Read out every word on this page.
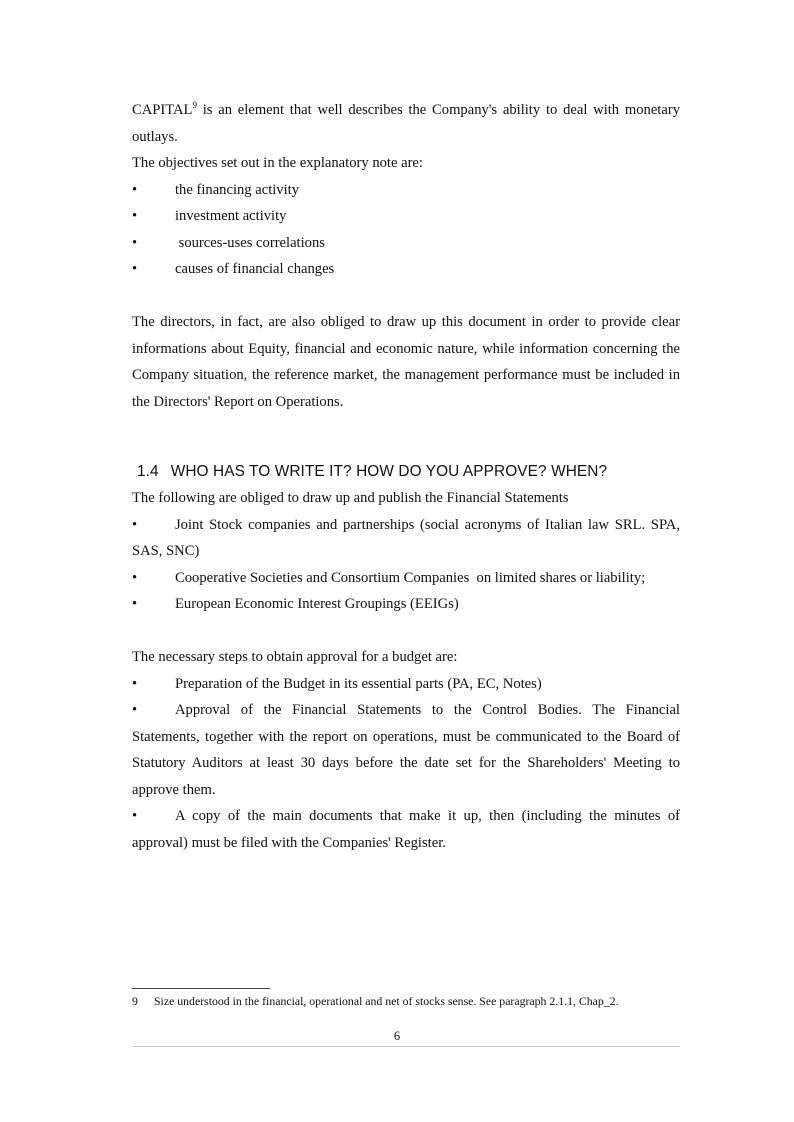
CAPITAL$^9$ is an element that well describes the Company's ability to deal with monetary outlays.

The objectives set out in the explanatory note are:

•	the financing activity

•	investment activity

•	sources-uses correlations

•	causes of financial changes

The directors, in fact, are also obliged to draw up this document in order to provide clear informations about Equity, financial and economic nature, while information concerning the Company situation, the reference market, the management performance must be included in the Directors' Report on Operations.

1.4 WHO HAS TO WRITE IT? HOW DO YOU APPROVE? WHEN?

The following are obliged to draw up and publish the Financial Statements

•	Joint Stock companies and partnerships (social acronyms of Italian law SRL. SPA, SAS, SNC)

•	Cooperative Societies and Consortium Companies  on limited shares or liability;

•	European Economic Interest Groupings (EEIGs)

The necessary steps to obtain approval for a budget are:

•	Preparation of the Budget in its essential parts (PA, EC, Notes)

•	Approval of the Financial Statements to the Control Bodies. The Financial Statements, together with the report on operations, must be communicated to the Board of Statutory Auditors at least 30 days before the date set for the Shareholders' Meeting to approve them.

•	A copy of the main documents that make it up, then (including the minutes of approval) must be filed with the Companies' Register.

9 Size understood in the financial, operational and net of stocks sense. See paragraph 2.1.1, Chap_2.
6
